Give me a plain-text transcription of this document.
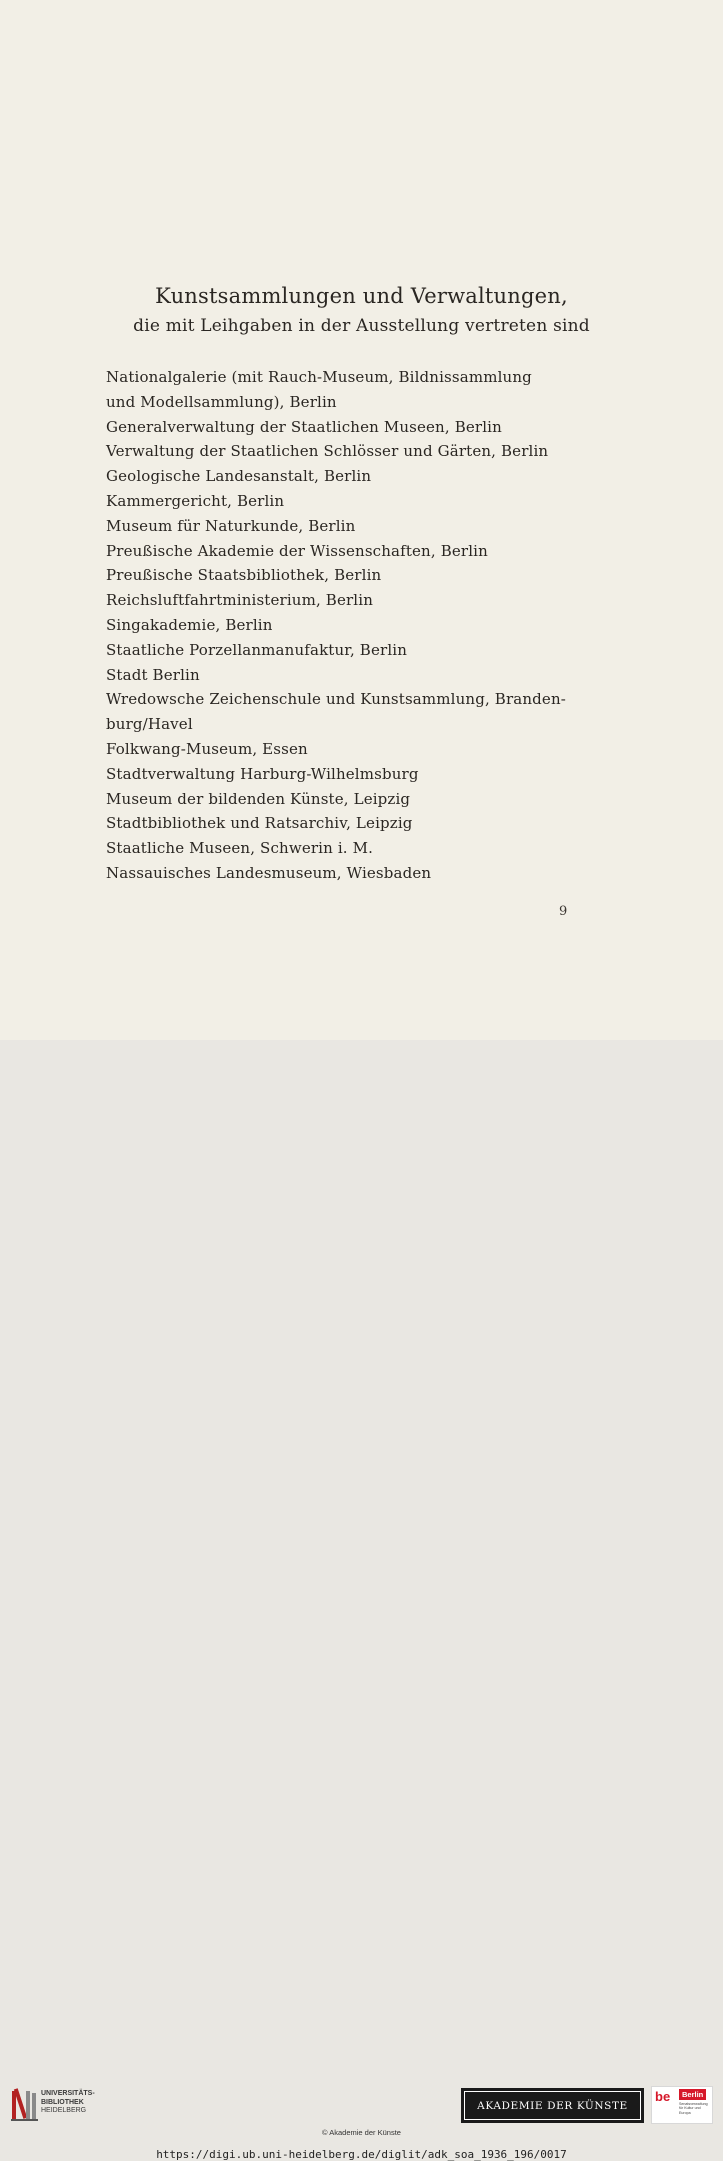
Kunstsammlungen und Verwaltungen,
die mit Leihgaben in der Ausstellung vertreten sind
Nationalgalerie (mit Rauch-Museum, Bildnissammlung
und Modellsammlung), Berlin
Generalverwaltung der Staatlichen Museen, Berlin
Verwaltung der Staatlichen Schlösser und Gärten, Berlin
Geologische Landesanstalt, Berlin
Kammergericht, Berlin
Museum für Naturkunde, Berlin
Preußische Akademie der Wissenschaften, Berlin
Preußische Staatsbibliothek, Berlin
Reichsluftfahrtministerium, Berlin
Singakademie, Berlin
Staatliche Porzellanmanufaktur, Berlin
Stadt Berlin
Wredowsche Zeichenschule und Kunstsammlung, Branden-
burg/Havel
Folkwang-Museum, Essen
Stadtverwaltung Harburg-Wilhelmsburg
Museum der bildenden Künste, Leipzig
Stadtbibliothek und Ratsarchiv, Leipzig
Staatliche Museen, Schwerin i. M.
Nassauisches Landesmuseum, Wiesbaden
9
UNIVERSITÄTS-
BIBLIOTHEK
HEIDELBERG	AKADEMIE DER KÜNSTE
be	Berlin
Senatsverwaltung
für Kultur und Europa
© Akademie der Künste
https://digi.ub.uni-heidelberg.de/diglit/adk_soa_1936_196/0017
